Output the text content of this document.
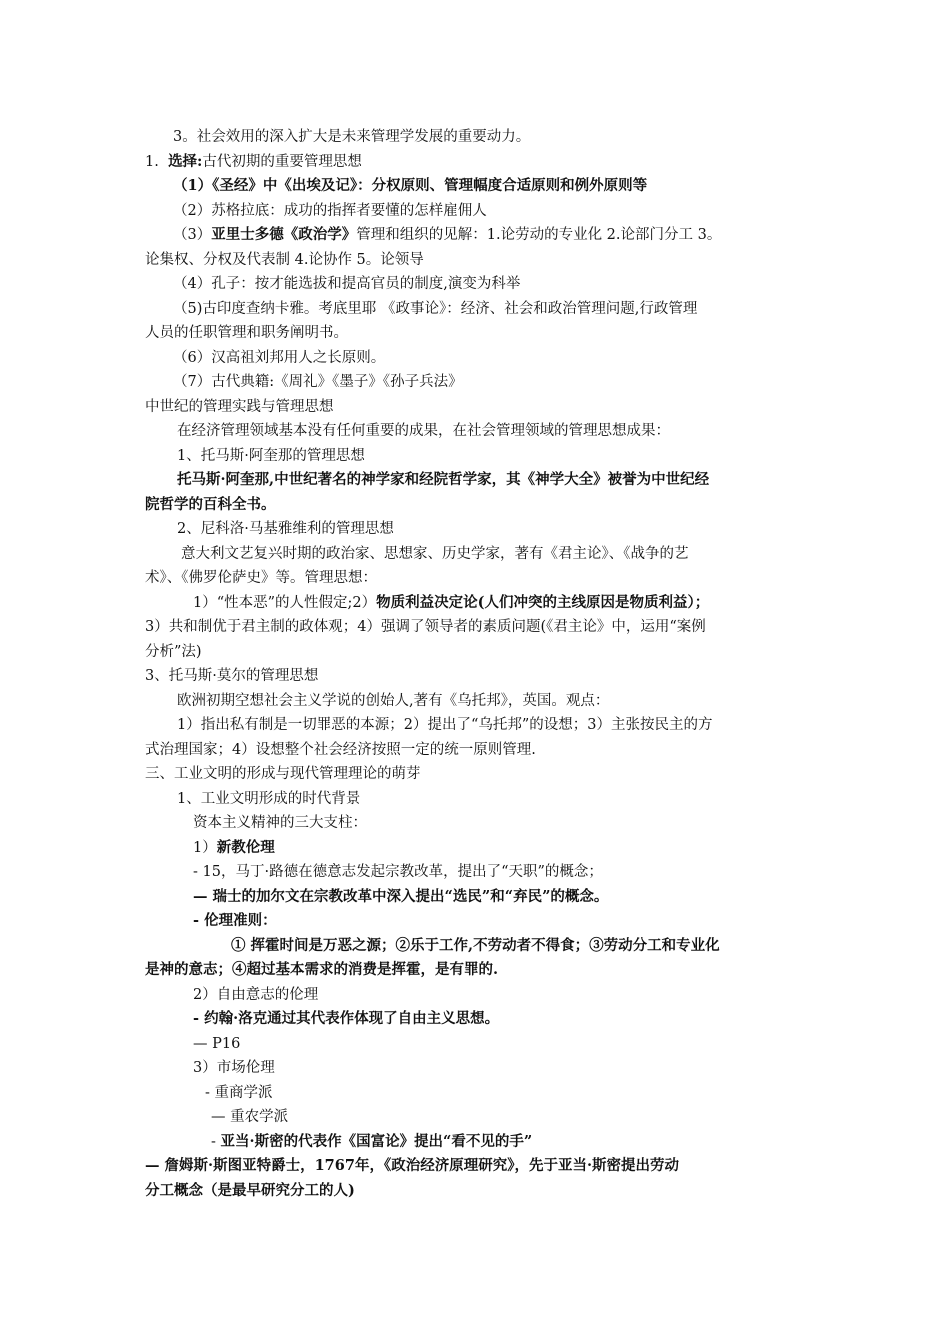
3。社会效用的深入扩大是未来管理学发展的重要动力。
1. 选择:古代初期的重要管理思想
（1）《圣经》中《出埃及记》：分权原则、管理幅度合适原则和例外原则等
（2）苏格拉底：成功的指挥者要懂的怎样雇佣人
（3）亚里士多德《政治学》管理和组织的见解：1.论劳动的专业化 2.论部门分工 3。
论集权、分权及代表制 4.论协作 5。论领导
（4）孔子：按才能选拔和提高官员的制度,演变为科举
（5)古印度查纳卡雅。考底里耶 《政事论》：经济、社会和政治管理问题,行政管理
人员的任职管理和职务阐明书。
（6）汉高祖刘邦用人之长原则。
（7）古代典籍:《周礼》《墨子》《孙子兵法》
中世纪的管理实践与管理思想
在经济管理领域基本没有任何重要的成果，在社会管理领域的管理思想成果：
1、托马斯·阿奎那的管理思想
托马斯·阿奎那,中世纪著名的神学家和经院哲学家，其《神学大全》被誉为中世纪经
院哲学的百科全书。
2、尼科洛·马基雅维利的管理思想
意大利文艺复兴时期的政治家、思想家、历史学家，著有《君主论》、《战争的艺
术》、《佛罗伦萨史》等。管理思想：
1）“性本恶”的人性假定;2）物质利益决定论(人们冲突的主线原因是物质利益）；
3）共和制优于君主制的政体观；4）强调了领导者的素质问题(《君主论》中，运用“案例
分析”法)
3、托马斯·莫尔的管理思想
欧洲初期空想社会主义学说的创始人,著有《乌托邦》，英国。观点：
1）指出私有制是一切罪恶的本源；2）提出了“乌托邦”的设想；3）主张按民主的方
式治理国家；4）设想整个社会经济按照一定的统一原则管理.
三、工业文明的形成与现代管理理论的萌芽
1、工业文明形成的时代背景
资本主义精神的三大支柱：
1）新教伦理
- 15，马丁·路德在德意志发起宗教改革，提出了“天职”的概念；
— 瑞士的加尔文在宗教改革中深入提出“选民”和“弃民”的概念。
- 伦理准则：
① 挥霍时间是万恶之源；②乐于工作,不劳动者不得食；③劳动分工和专业化
是神的意志；④超过基本需求的消费是挥霍，是有罪的.
2）自由意志的伦理
- 约翰·洛克通过其代表作体现了自由主义思想。
— P16
3）市场伦理
- 重商学派
— 重农学派
- 亚当·斯密的代表作《国富论》提出“看不见的手”
— 詹姆斯·斯图亚特爵士，1767年，《政治经济原理研究》，先于亚当·斯密提出劳动
分工概念（是最早研究分工的人)
